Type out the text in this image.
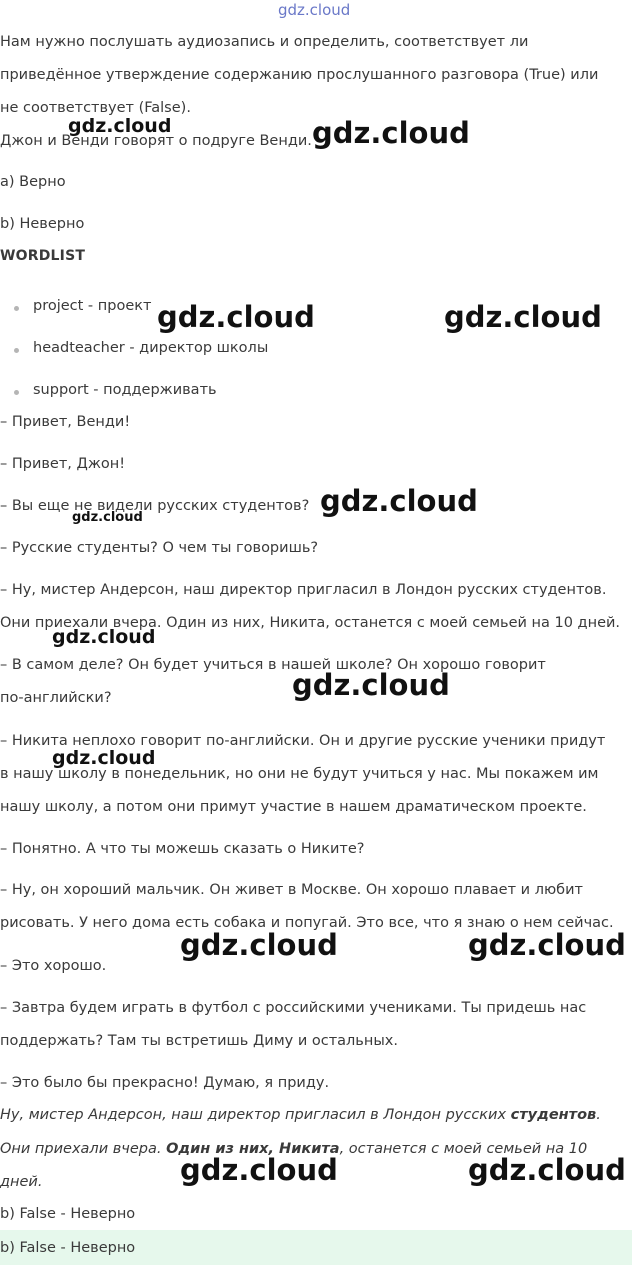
gdz.cloud
gdz.cloud	gdz.cloud
gdz.cloud	gdz.cloud
gdz.cloud
gdz.cloud
gdz.cloud
gdz.cloud
gdz.cloud
gdz.cloud	gdz.cloud
gdz.cloud	gdz.cloud
Нам нужно послушать аудиозапись и определить, соответствует ли
приведённое утверждение содержанию прослушанного разговора (True) или
не соответствует (False).
Джон и Венди говорят о подруге Венди.
a) Верно
b) Неверно
WORDLIST
project - проект
headteacher - директор школы
support - поддерживать
– Привет, Венди!
– Привет, Джон!
– Вы еще не видели русских студентов?
– Русские студенты? О чем ты говоришь?
– Ну, мистер Андерсон, наш директор пригласил в Лондон русских студентов.
Они приехали вчера. Один из них, Никита, останется с моей семьей на 10 дней.
– В самом деле? Он будет учиться в нашей школе? Он хорошо говорит
по-английски?
– Никита неплохо говорит по-английски. Он и другие русские ученики придут
в нашу школу в понедельник, но они не будут учиться у нас. Мы покажем им
нашу школу, а потом они примут участие в нашем драматическом проекте.
– Понятно. А что ты можешь сказать о Никите?
– Ну, он хороший мальчик. Он живет в Москве. Он хорошо плавает и любит
рисовать. У него дома есть собака и попугай. Это все, что я знаю о нем сейчас.
– Это хорошо.
– Завтра будем играть в футбол с российскими учениками. Ты придешь нас
поддержать? Там ты встретишь Диму и остальных.
– Это было бы прекрасно! Думаю, я приду.
Ну, мистер Андерсон, наш директор пригласил в Лондон русских студентов.
Они приехали вчера. Один из них, Никита, останется с моей семьей на 10
дней.
b) False - Неверно
b) False - Неверно
